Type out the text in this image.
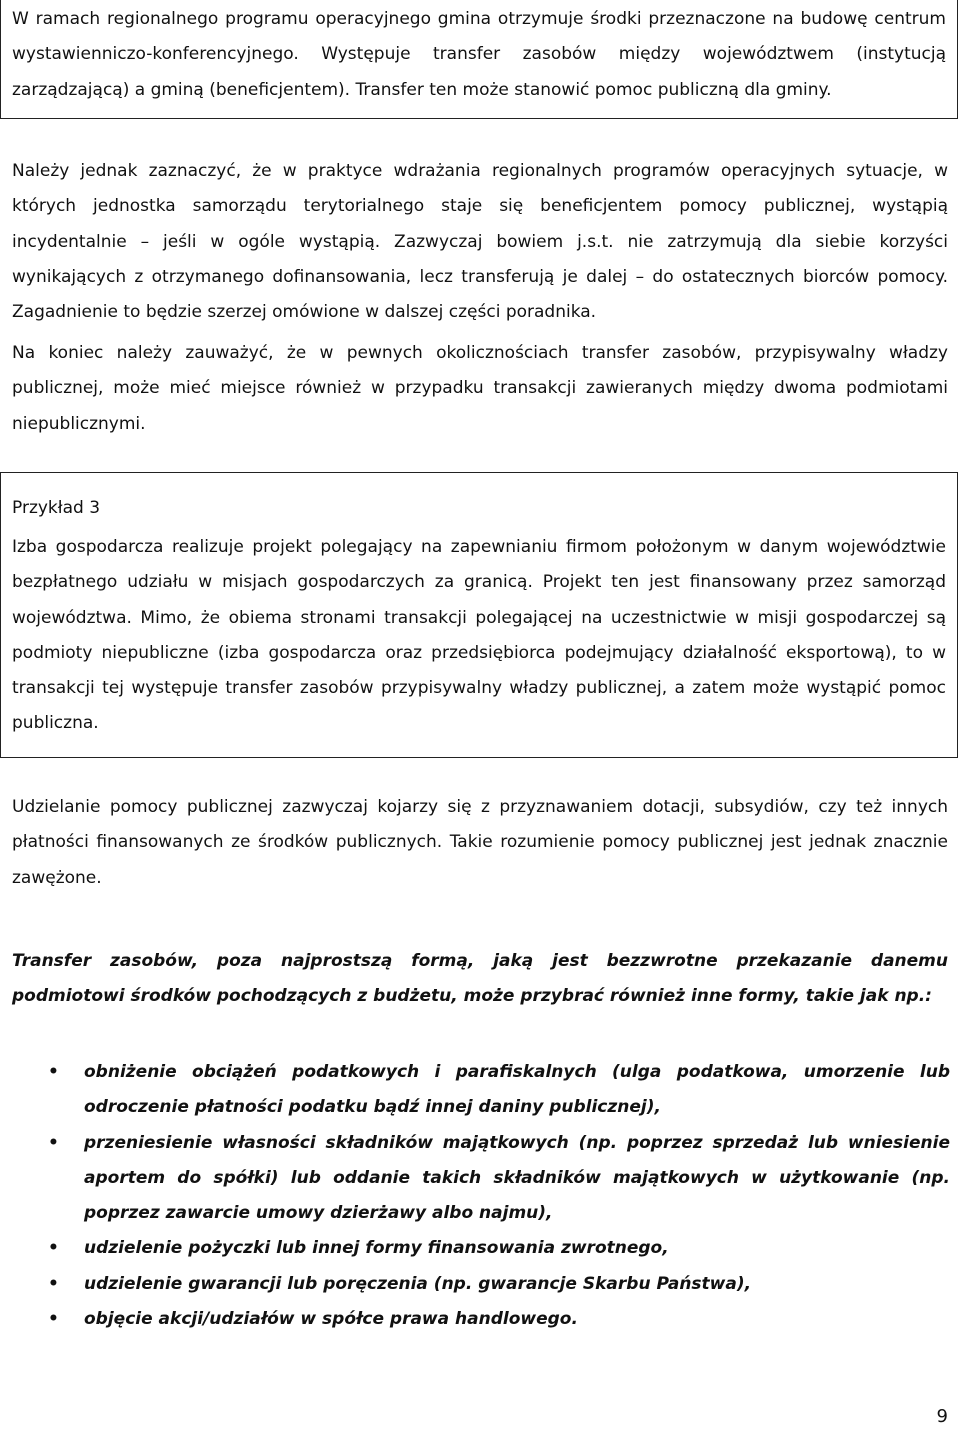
W ramach regionalnego programu operacyjnego gmina otrzymuje środki przeznaczone na budowę centrum wystawienniczo-konferencyjnego. Występuje transfer zasobów między województwem (instytucją zarządzającą) a gminą (beneficjentem). Transfer ten może stanowić pomoc publiczną dla gminy.

Należy jednak zaznaczyć, że w praktyce wdrażania regionalnych programów operacyjnych sytuacje, w których jednostka samorządu terytorialnego staje się beneficjentem pomocy publicznej, wystąpią incydentalnie – jeśli w ogóle wystąpią. Zazwyczaj bowiem j.s.t. nie zatrzymują dla siebie korzyści wynikających z otrzymanego dofinansowania, lecz transferują je dalej – do ostatecznych biorców pomocy. Zagadnienie to będzie szerzej omówione w dalszej części poradnika.

Na koniec należy zauważyć, że w pewnych okolicznościach transfer zasobów, przypisywalny władzy publicznej, może mieć miejsce również w przypadku transakcji zawieranych między dwoma podmiotami niepublicznymi.

Przykład 3

Izba gospodarcza realizuje projekt polegający na zapewnianiu firmom położonym w danym województwie bezpłatnego udziału w misjach gospodarczych za granicą. Projekt ten jest finansowany przez samorząd województwa. Mimo, że obiema stronami transakcji polegającej na uczestnictwie w misji gospodarczej są podmioty niepubliczne (izba gospodarcza oraz przedsiębiorca podejmujący działalność eksportową), to w transakcji tej występuje transfer zasobów przypisywalny władzy publicznej, a zatem może wystąpić pomoc publiczna.

Udzielanie pomocy publicznej zazwyczaj kojarzy się z przyznawaniem dotacji, subsydiów, czy też innych płatności finansowanych ze środków publicznych. Takie rozumienie pomocy publicznej jest jednak znacznie zawężone.

Transfer zasobów, poza najprostszą formą, jaką jest bezzwrotne przekazanie danemu podmiotowi środków pochodzących z budżetu, może przybrać również inne formy, takie jak np.:

• obniżenie obciążeń podatkowych i parafiskalnych (ulga podatkowa, umorzenie lub odroczenie płatności podatku bądź innej daniny publicznej),
• przeniesienie własności składników majątkowych (np. poprzez sprzedaż lub wniesienie aportem do spółki) lub oddanie takich składników majątkowych w użytkowanie (np. poprzez zawarcie umowy dzierżawy albo najmu),
• udzielenie pożyczki lub innej formy finansowania zwrotnego,
• udzielenie gwarancji lub poręczenia (np. gwarancje Skarbu Państwa),
• objęcie akcji/udziałów w spółce prawa handlowego.
9
